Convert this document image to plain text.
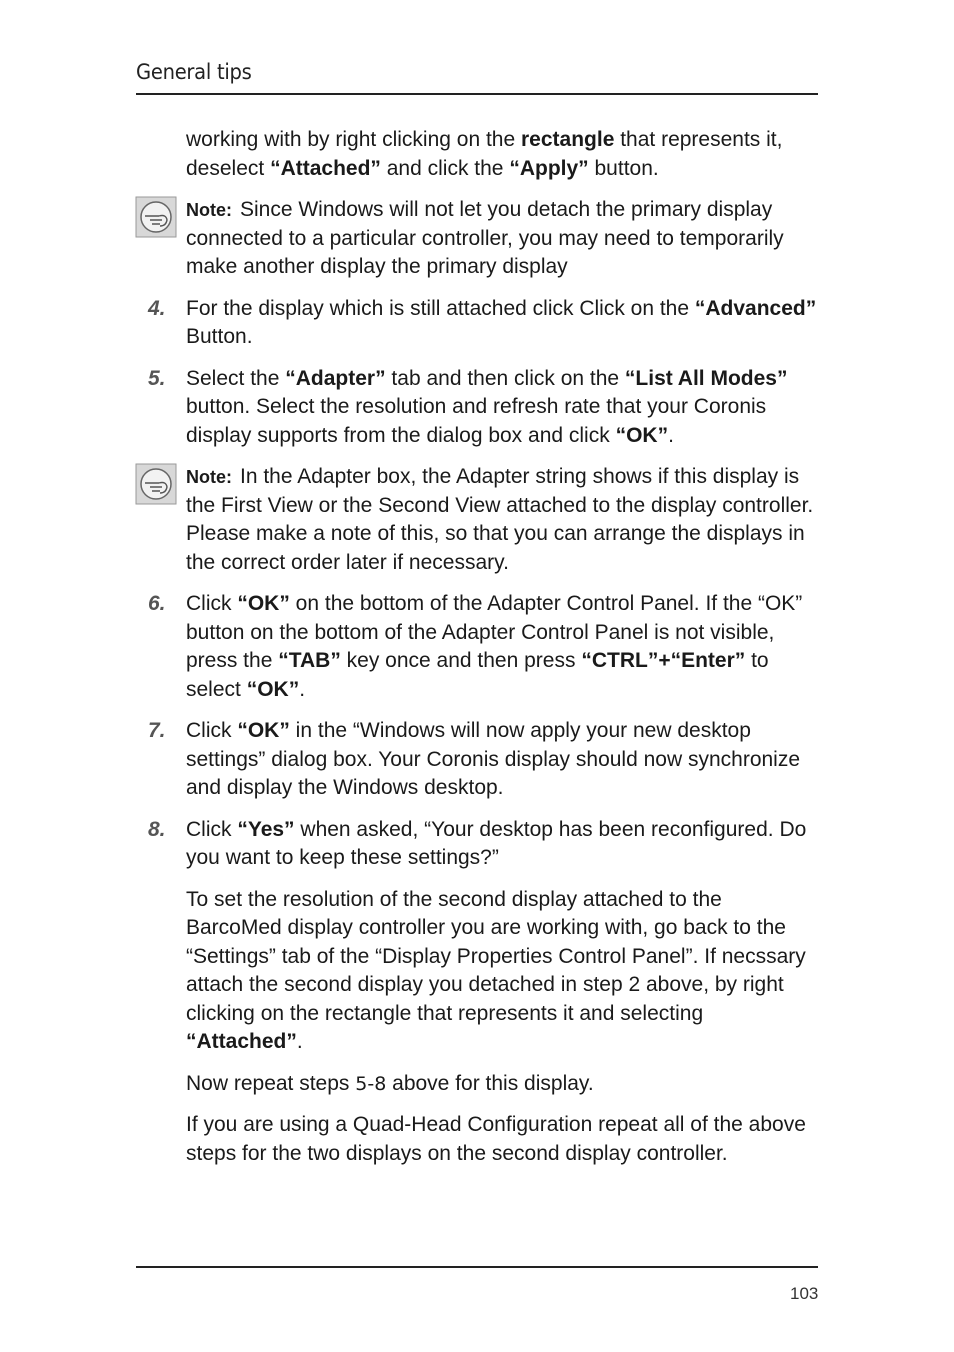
General tips

working with by right clicking on the rectangle that represents it, deselect “Attached” and click the “Apply” button.

Note: Since Windows will not let you detach the primary display connected to a particular controller, you may need to temporarily make another display the primary display

4. For the display which is still attached click Click on the “Advanced” Button.

5. Select the “Adapter” tab and then click on the “List All Modes” button. Select the resolution and refresh rate that your Coronis display supports from the dialog box and click “OK”.

Note: In the Adapter box, the Adapter string shows if this display is the First View or the Second View attached to the display controller. Please make a note of this, so that you can arrange the displays in the correct order later if necessary.

6. Click “OK” on the bottom of the Adapter Control Panel. If the “OK” button on the bottom of the Adapter Control Panel is not visible, press the “TAB” key once and then press “CTRL”+“Enter” to select “OK”.

7. Click “OK” in the “Windows will now apply your new desktop settings” dialog box. Your Coronis display should now synchronize and display the Windows desktop.

8. Click “Yes” when asked, “Your desktop has been reconfigured. Do you want to keep these settings?”

To set the resolution of the second display attached to the BarcoMed display controller you are working with, go back to the “Settings” tab of the “Display Properties Control Panel”. If necssary attach the second display you detached in step 2 above, by right clicking on the rectangle that represents it and selecting “Attached”.

Now repeat steps 5-8 above for this display.

If you are using a Quad-Head Configuration repeat all of the above steps for the two displays on the second display controller.

103
